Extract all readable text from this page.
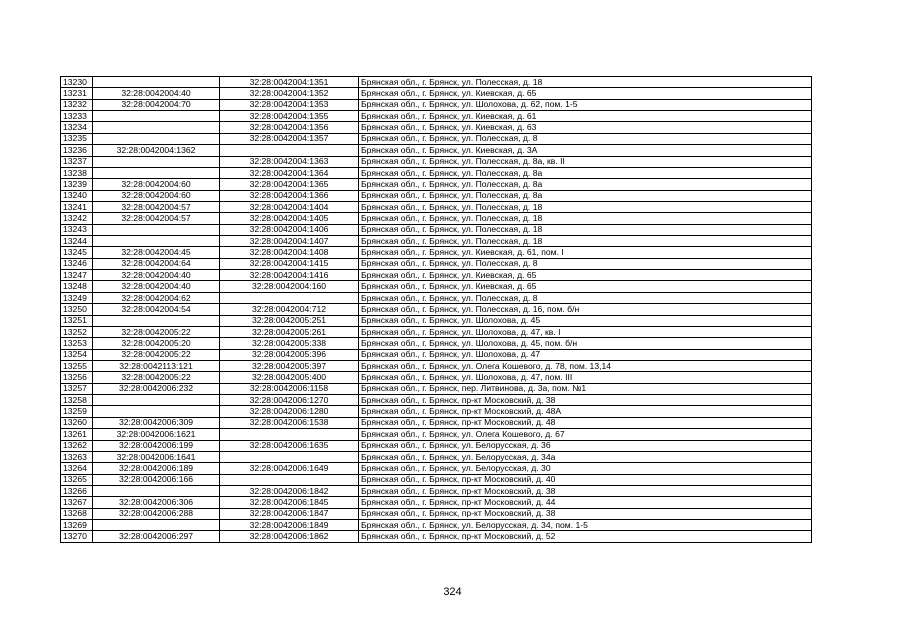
13230		32:28:0042004:1351	Брянская обл., г. Брянск, ул. Полесская, д. 18
13231	32:28:0042004:40	32:28:0042004:1352	Брянская обл., г. Брянск, ул. Киевская, д. 65
13232	32:28:0042004:70	32:28:0042004:1353	Брянская обл., г. Брянск, ул. Шолохова, д. 62, пом. 1-5
13233		32:28:0042004:1355	Брянская обл., г. Брянск, ул. Киевская, д. 61
13234		32:28:0042004:1356	Брянская обл., г. Брянск, ул. Киевская, д. 63
13235		32:28:0042004:1357	Брянская обл., г. Брянск, ул. Полесская, д. 8
13236	32:28:0042004:1362		Брянская обл., г. Брянск, ул. Киевская, д. 3А
13237		32:28:0042004:1363	Брянская обл., г. Брянск, ул. Полесская, д. 8а, кв. II
13238		32:28:0042004:1364	Брянская обл., г. Брянск, ул. Полесская, д. 8а
13239	32:28:0042004:60	32:28:0042004:1365	Брянская обл., г. Брянск, ул. Полесская, д. 8а
13240	32:28:0042004:60	32:28:0042004:1366	Брянская обл., г. Брянск, ул. Полесская, д. 8а
13241	32:28:0042004:57	32:28:0042004:1404	Брянская обл., г. Брянск, ул. Полесская, д. 18
13242	32:28:0042004:57	32:28:0042004:1405	Брянская обл., г. Брянск, ул. Полесская, д. 18
13243		32:28:0042004:1406	Брянская обл., г. Брянск, ул. Полесская, д. 18
13244		32:28:0042004:1407	Брянская обл., г. Брянск, ул. Полесская, д. 18
13245	32:28:0042004:45	32:28:0042004:1408	Брянская обл., г. Брянск, ул. Киевская, д. 61, пом. I
13246	32:28:0042004:64	32:28:0042004:1415	Брянская обл., г. Брянск, ул. Полесская, д. 8
13247	32:28:0042004:40	32:28:0042004:1416	Брянская обл., г. Брянск, ул. Киевская, д. 65
13248	32:28:0042004:40	32:28:0042004:160	Брянская обл., г. Брянск, ул. Киевская, д. 65
13249	32:28:0042004:62		Брянская обл., г. Брянск, ул. Полесская, д. 8
13250	32:28:0042004:54	32:28:0042004:712	Брянская обл., г. Брянск, ул. Полесская, д. 16, пом. б/н
13251		32:28:0042005:251	Брянская обл., г. Брянск, ул. Шолохова, д. 45
13252	32:28:0042005:22	32:28:0042005:261	Брянская обл., г. Брянск, ул. Шолохова, д. 47, кв. I
13253	32:28:0042005:20	32:28:0042005:338	Брянская обл., г. Брянск, ул. Шолохова, д. 45, пом. б/н
13254	32:28:0042005:22	32:28:0042005:396	Брянская обл., г. Брянск, ул. Шолохова, д. 47
13255	32:28:0042113:121	32:28:0042005:397	Брянская обл., г. Брянск, ул. Олега Кошевого, д. 78, пом. 13,14
13256	32:28:0042005:22	32:28:0042005:400	Брянская обл., г. Брянск, ул. Шолохова, д. 47, пом. III
13257	32:28:0042006:232	32:28:0042006:1158	Брянская обл., г. Брянск, пер. Литвинова, д. 3а, пом. №1
13258		32:28:0042006:1270	Брянская обл., г. Брянск, пр-кт Московский, д. 38
13259		32:28:0042006:1280	Брянская обл., г. Брянск, пр-кт Московский, д. 48А
13260	32:28:0042006:309	32:28:0042006:1538	Брянская обл., г. Брянск, пр-кт Московский, д. 48
13261	32:28:0042006:1621		Брянская обл., г. Брянск, ул. Олега Кошевого, д. 67
13262	32:28:0042006:199	32:28:0042006:1635	Брянская обл., г. Брянск, ул. Белорусская, д. 36
13263	32:28:0042006:1641		Брянская обл., г. Брянск, ул. Белорусская, д. 34а
13264	32:28:0042006:189	32:28:0042006:1649	Брянская обл., г. Брянск, ул. Белорусская, д. 30
13265	32:28:0042006:166		Брянская обл., г. Брянск, пр-кт Московский, д. 40
13266		32:28:0042006:1842	Брянская обл., г. Брянск, пр-кт Московский, д. 38
13267	32:28:0042006:306	32:28:0042006:1845	Брянская обл., г. Брянск, пр-кт Московский, д. 44
13268	32:28:0042006:288	32:28:0042006:1847	Брянская обл., г. Брянск, пр-кт Московский, д. 38
13269		32:28:0042006:1849	Брянская обл., г. Брянск, ул. Белорусская, д. 34, пом. 1-5
13270	32:28:0042006:297	32:28:0042006:1862	Брянская обл., г. Брянск, пр-кт Московский, д. 52
324
